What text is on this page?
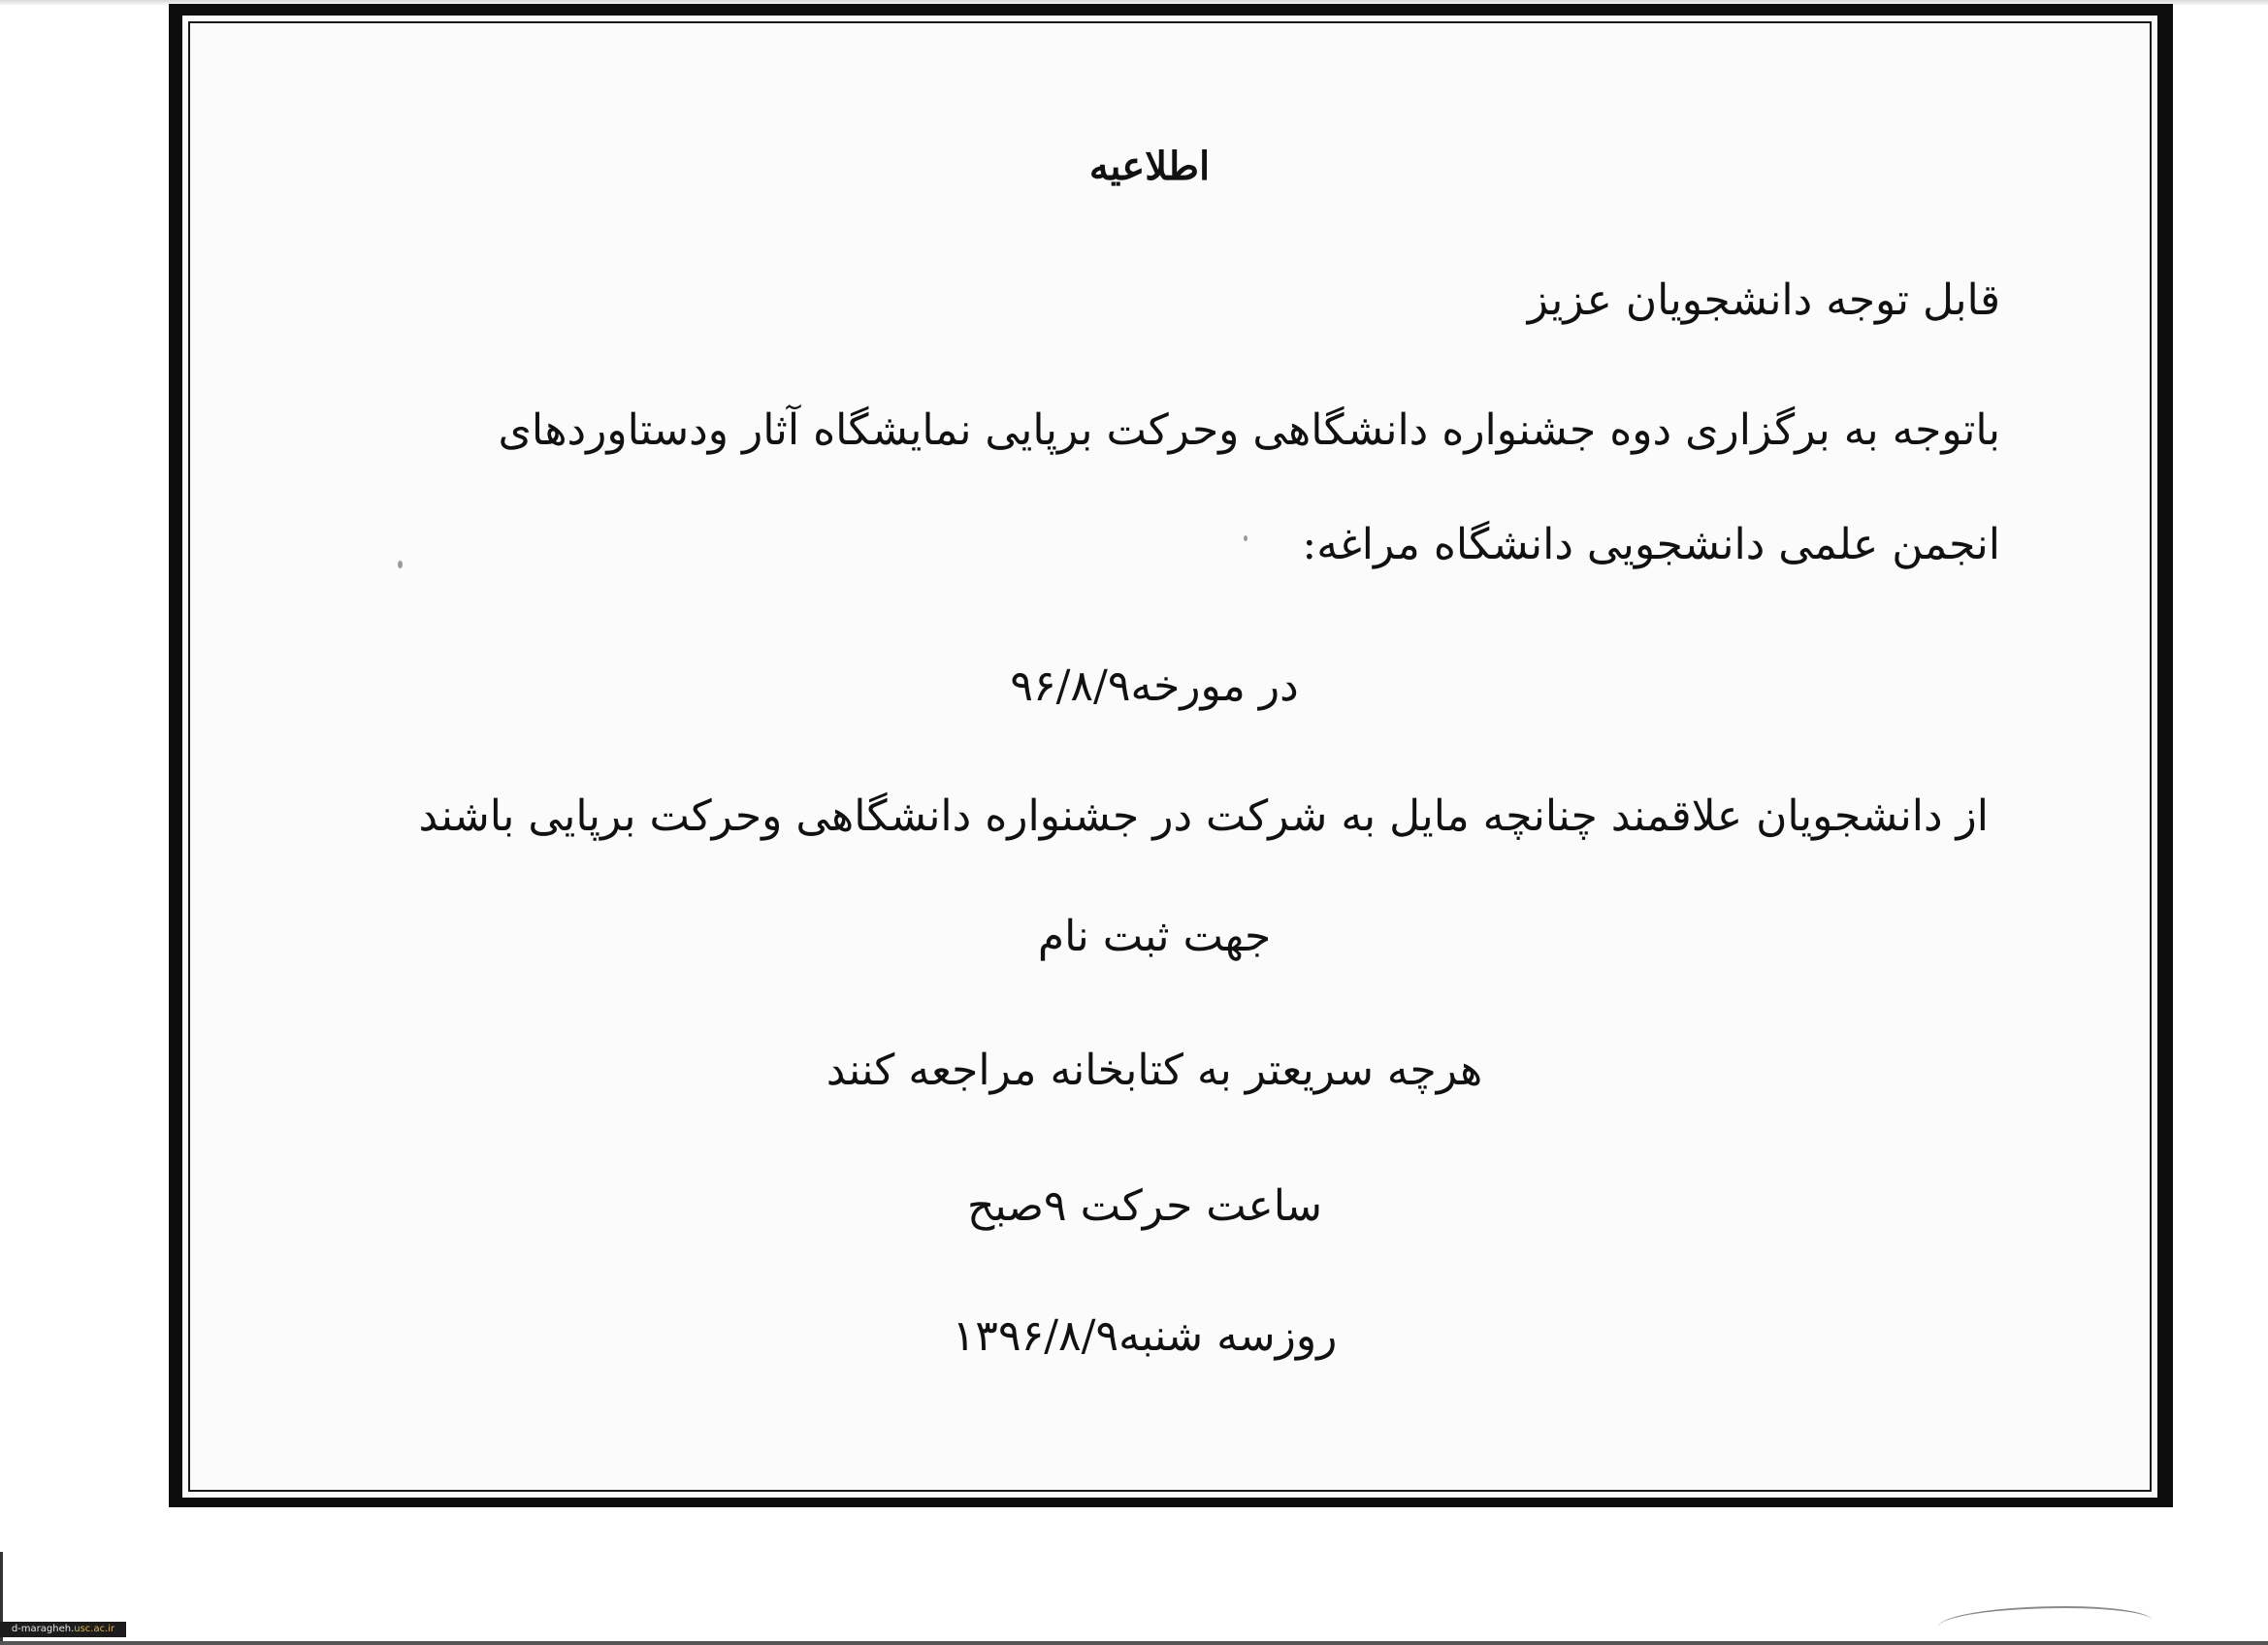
اطلاعیه
قابل توجه دانشجویان عزیز
باتوجه به برگزاری دوه جشنواره دانشگاهی وحرکت برپایی نمایشگاه آثار ودستاوردهای
انجمن علمی دانشجویی دانشگاه مراغه:
در مورخه۹۶/۸/۹
از دانشجویان علاقمند چنانچه مایل به شرکت در جشنواره دانشگاهی وحرکت برپایی باشند
جهت ثبت نام
هرچه سریعتر به کتابخانه مراجعه کنند
ساعت حرکت ۹صبح
روزسه شنبه۱۳۹۶/۸/۹
d-maragheh.usc.ac.ir
